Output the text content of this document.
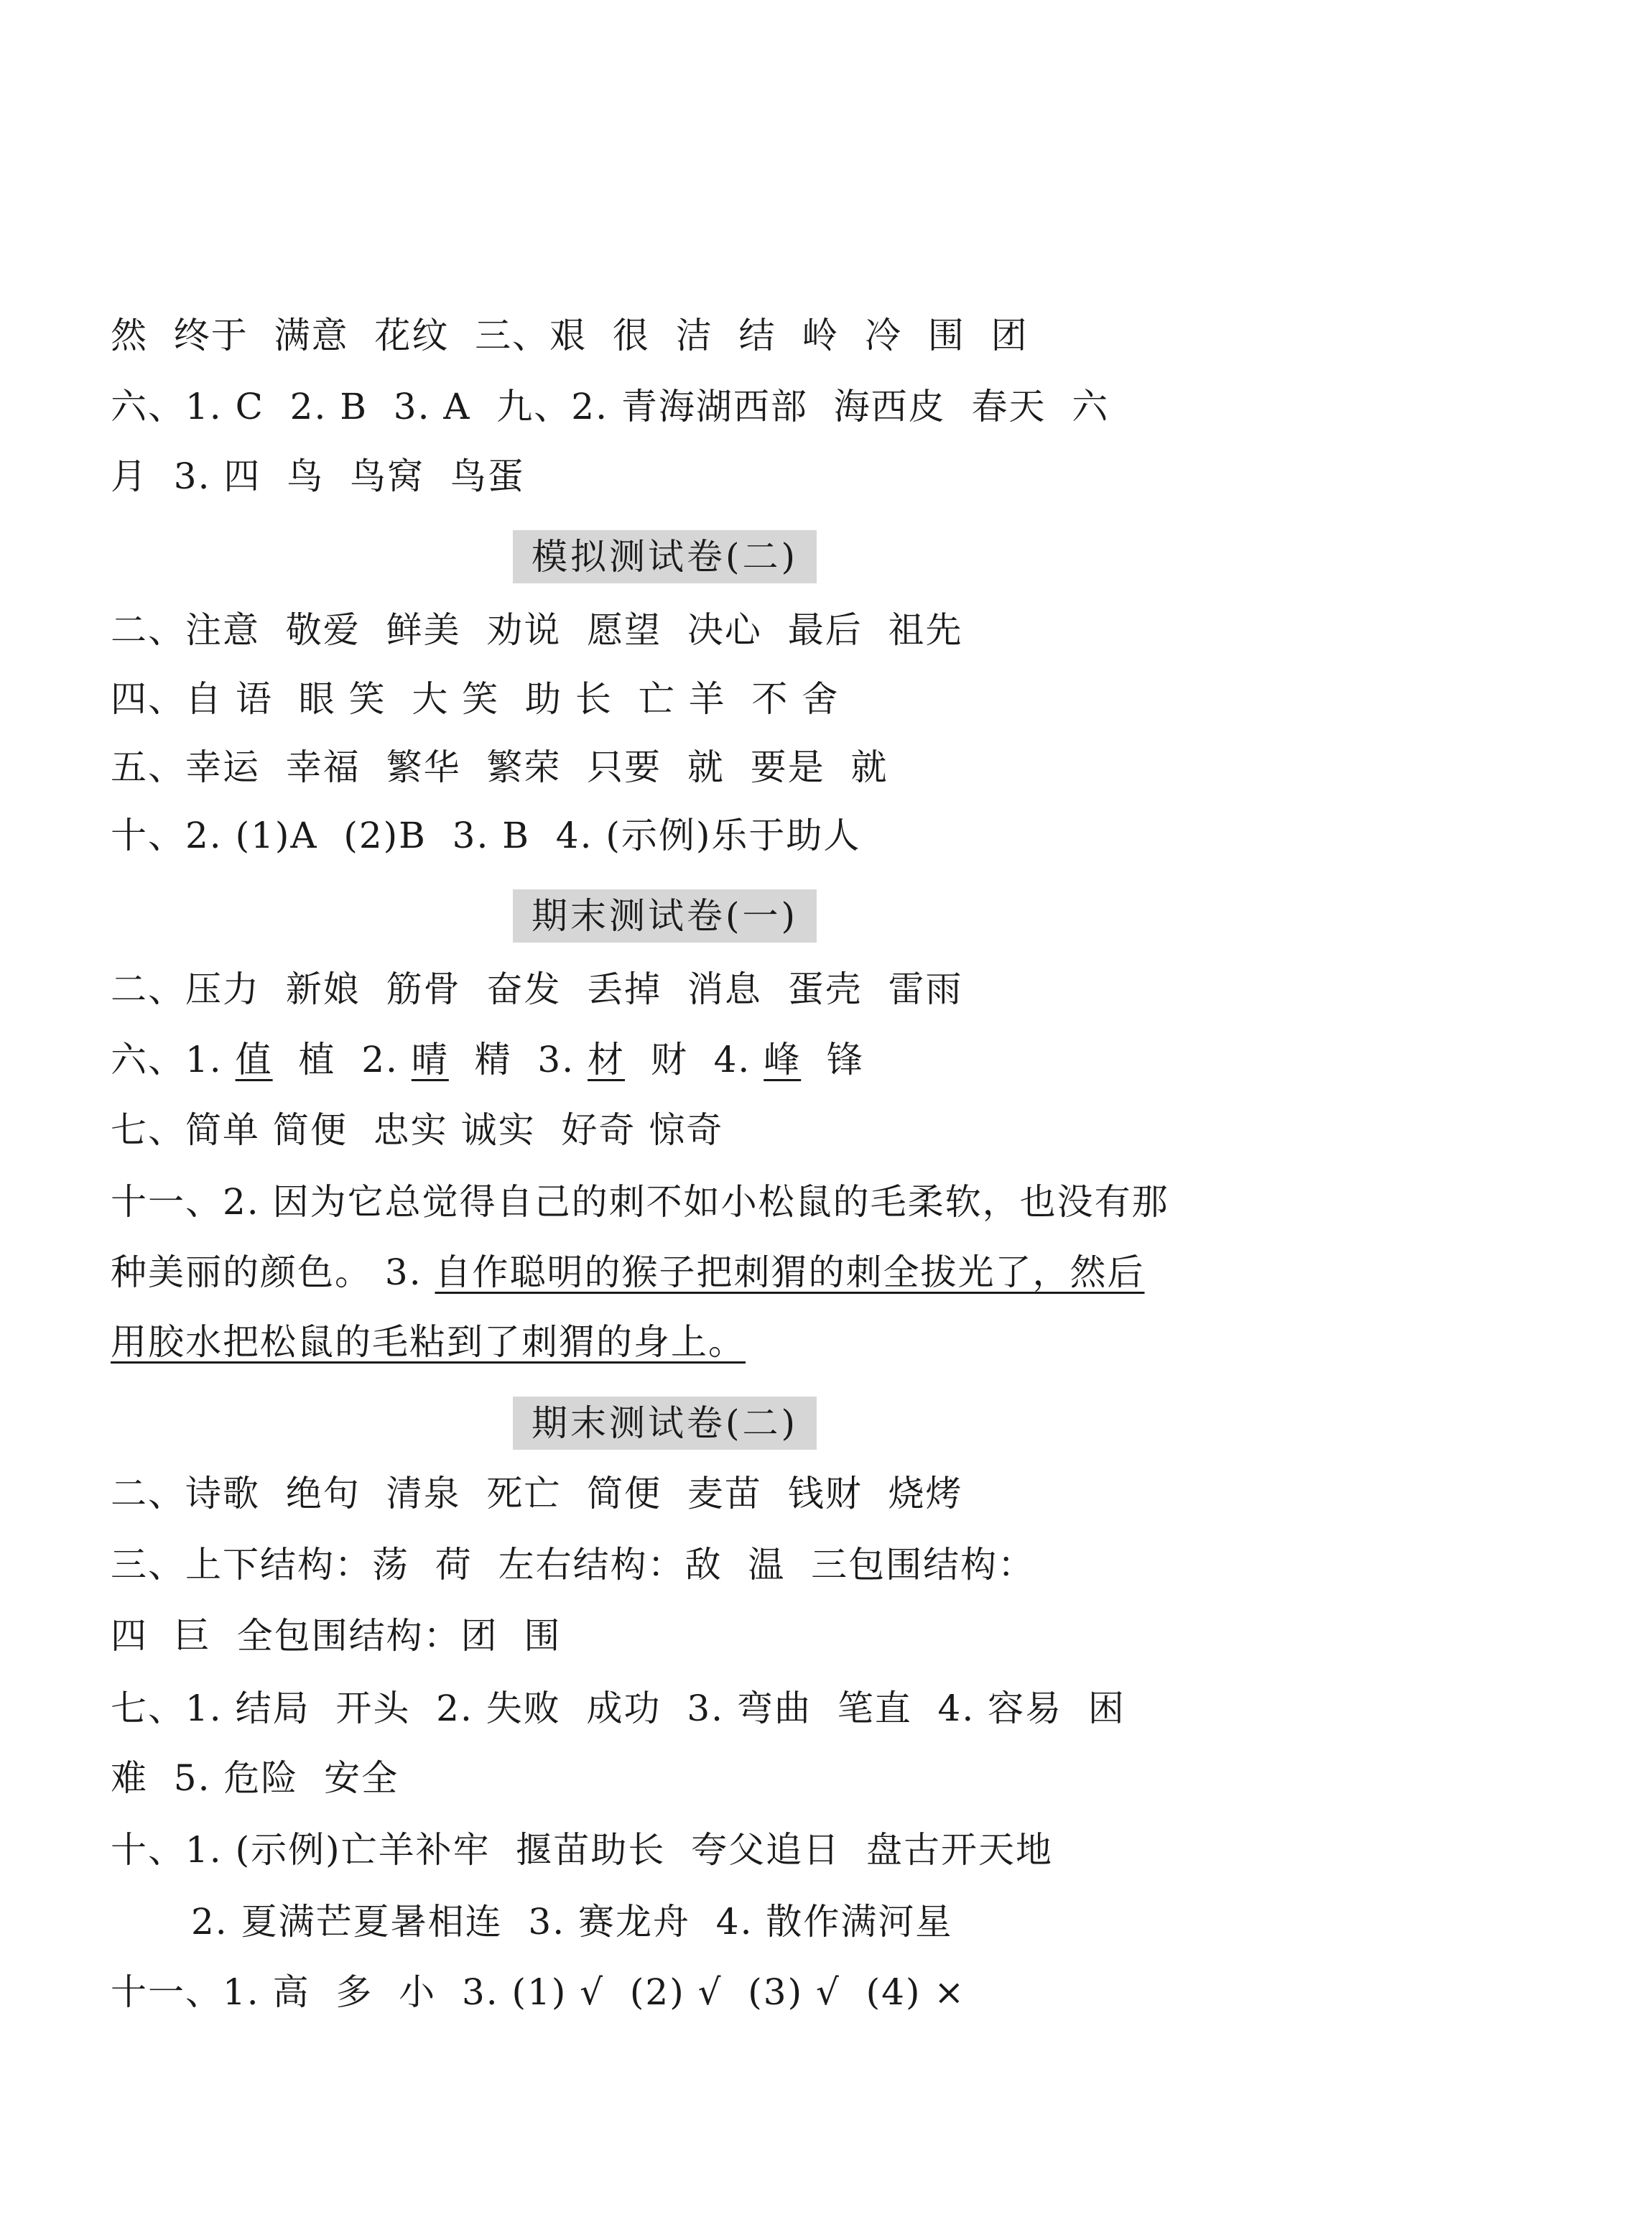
然  终于  满意  花纹  三、艰  很  洁  结  岭  冷  围  团
六、1. C  2. B  3. A  九、2. 青海湖西部  海西皮  春天  六
月  3. 四  鸟  鸟窝  鸟蛋
模拟测试卷(二)
二、注意  敬爱  鲜美  劝说  愿望  决心  最后  祖先
四、自 语  眼 笑  大 笑  助 长  亡 羊  不 舍
五、幸运  幸福  繁华  繁荣  只要  就  要是  就
十、2. (1)A  (2)B  3. B  4. (示例)乐于助人
期末测试卷(一)
二、压力  新娘  筋骨  奋发  丢掉  消息  蛋壳  雷雨
六、1. 值 植 2. 晴 精 3. 材 财 4. 峰 锋
七、简单 简便  忠实 诚实  好奇 惊奇
十一、2. 因为它总觉得自己的刺不如小松鼠的毛柔软，也没有那
种美丽的颜色。 3. 自作聪明的猴子把刺猬的刺全拔光了，然后
用胶水把松鼠的毛粘到了刺猬的身上。
期末测试卷(二)
二、诗歌  绝句  清泉  死亡  简便  麦苗  钱财  烧烤
三、上下结构：荡  荷  左右结构：敌  温  三包围结构：
四  巨  全包围结构：团  围
七、1. 结局  开头  2. 失败  成功  3. 弯曲  笔直  4. 容易  困
难  5. 危险  安全
十、1. (示例)亡羊补牢  揠苗助长  夸父追日  盘古开天地
2. 夏满芒夏暑相连  3. 赛龙舟  4. 散作满河星
十一、1. 高  多  小  3. (1) √  (2) √  (3) √  (4) ×
